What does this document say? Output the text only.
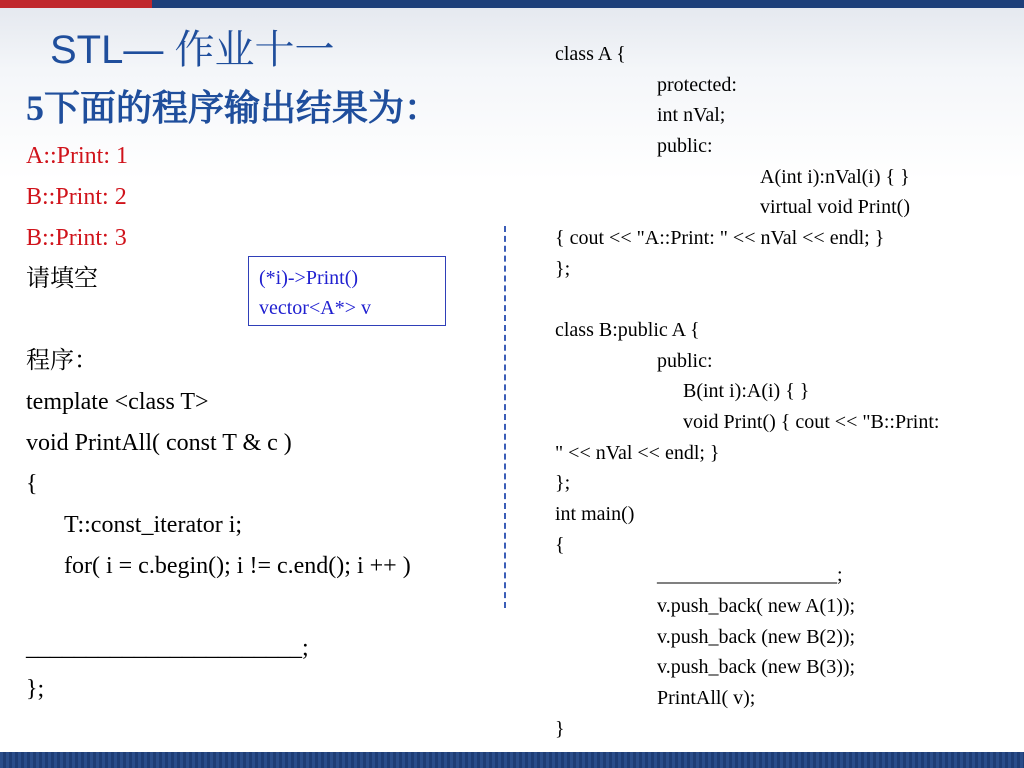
STL— 作业十一
5下面的程序输出结果为：
A::Print: 1
B::Print: 2
B::Print: 3
请填空
程序：
template <class T>
void PrintAll( const T & c )
{
T::const_iterator i;
for( i = c.begin(); i != c.end(); i ++ )
_______________________;
};
(*i)->Print()
vector<A*> v
class A {
protected:
int nVal;
public:
A(int i):nVal(i) { }
virtual void Print()
{ cout << "A::Print: " << nVal << endl; }
};
class B:public A {
public:
B(int i):A(i) { }
void Print() { cout << "B::Print:
" << nVal << endl; }
};
int main()
{
__________________;
v.push_back( new A(1));
v.push_back (new B(2));
v.push_back (new B(3));
PrintAll( v);
}
